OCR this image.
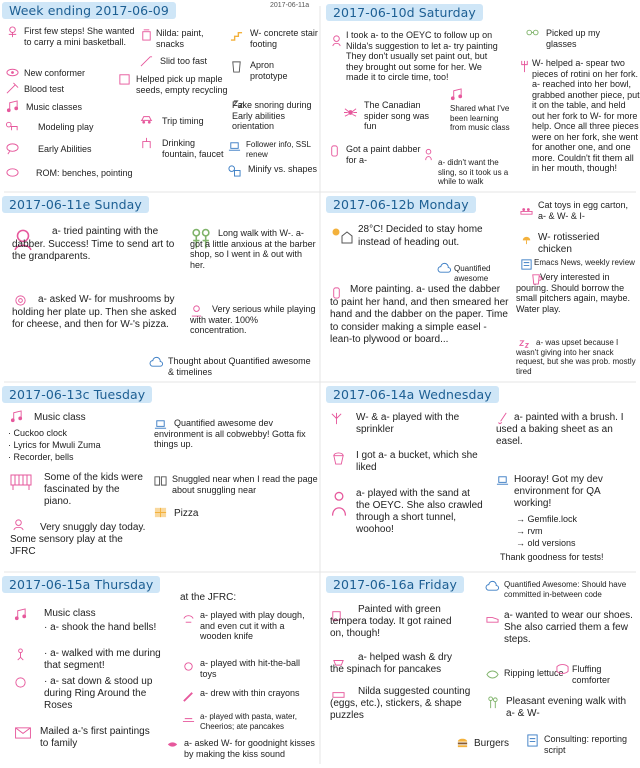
Week ending 2017-06-09	2017-06-11a
First few steps! She wanted to carry a mini basketball.
New conformer
Blood test
Music classes
Modeling play
Early Abilities
ROM: benches, pointing
Nilda: paint, snacks
Slid too fast
Helped pick up maple seeds, empty recycling
Trip timing
Drinking fountain, faucet
W- concrete stair footing
Apron prototype
Fake snoring during Early abilities orientation
Follower info, SSL renew
Minify vs. shapes
2017-06-10d Saturday
I took a- to the OEYC to follow up on Nilda's suggestion to let a- try painting They don't usually set paint out, but they brought out some for her. We made it to circle time, too!
The Canadian spider song was fun
Shared what I've been learning from music class
Got a paint dabber for a-	a- didn't want the sling, so it took us a while to walk
Picked up my glasses
W- helped a- spear two pieces of rotini on her fork. a- reached into her bowl, grabbed another piece, put it on the table, and held out her fork to W- for more help. Once all three pieces were on her fork, she went for another one, and one more. Couldn't fit them all in her mouth, though!
2017-06-11e Sunday
a- tried painting with the dabber. Success! Time to send art to the grandparents.
Long walk with W-. a- got a little anxious at the barber shop, so I went in & out with her.
a- asked W- for mushrooms by holding her plate up. Then she asked for cheese, and then for W-'s pizza.
Very serious while playing with water. 100% concentration.
Thought about Quantified awesome & timelines
2017-06-12b Monday
28°C! Decided to stay home instead of heading out.
Quantified awesome
More painting. a- used the dabber to paint her hand, and then smeared her hand and the dabber on the paper. Time to consider making a simple easel - lean-to plywood or board...
Cat toys in egg carton, a- & W- & I-
W- rotisseried chicken
Emacs News, weekly review
Very interested in pouring. Should borrow the small pitchers again, maybe. Water play.
a- was upset because I wasn't giving into her snack request, but she was prob. mostly tired
2017-06-13c Tuesday
Music class
· Cuckoo clock
· Lyrics for Mwuli Zuma
· Recorder, bells
Some of the kids were fascinated by the piano.
Very snuggly day today. Some sensory play at the JFRC
Quantified awesome dev environment is all cobwebby! Gotta fix things up.
Snuggled near when I read the page about snuggling near
Pizza
2017-06-14a Wednesday
W- & a- played with the sprinkler
I got a- a bucket, which she liked
a- played with the sand at the OEYC. She also crawled through a short tunnel, woohoo!
a- painted with a brush. I used a baking sheet as an easel.
Hooray! Got my dev environment for QA working!
→ Gemfile.lock
→ rvm
→ old versions
Thank goodness for tests!
2017-06-15a Thursday
Music class
· a- shook the hand bells!
· a- walked with me during that segment!
· a- sat down & stood up during Ring Around the Roses
Mailed a-'s first paintings to family
at the JFRC:
a- played with play dough, and even cut it with a wooden knife
a- played with hit-the-ball toys
a- drew with thin crayons
a- played with pasta, water, Cheerios; ate pancakes
a- asked W- for goodnight kisses by making the kiss sound
2017-06-16a Friday
Painted with green tempera today. It got rained on, though!
a- helped wash & dry the spinach for pancakes
Nilda suggested counting (eggs, etc.), stickers, & shape puzzles
Quantified Awesome: Should have committed in-between code
a- wanted to wear our shoes. She also carried them a few steps.
Ripping lettuce Fluffing comforter
Pleasant evening walk with a- & W-
Burgers	Consulting: reporting script
